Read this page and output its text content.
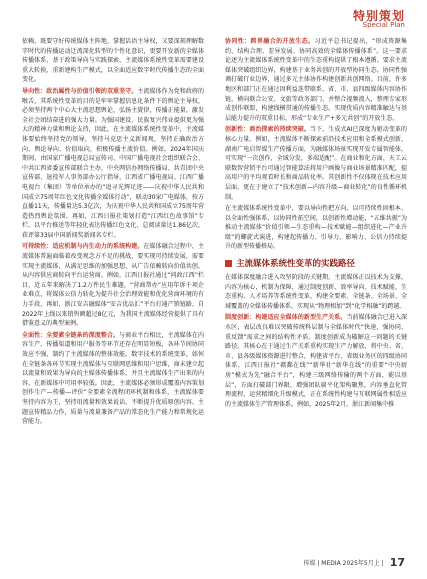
特别策划
Special Plan

依赖，既要守好传统媒体主阵地，掌握话语主导权，又要深刻理解数字时代的传播运动迁流深化转型的个性化意识，更要开发新的全媒体传播体系，基于政策导向与实践探索，主流媒体系统性变革需要建设重大转换，重新建构生产模式，以全面适应数字时代传播生态的全面变化。

导向性：政治属性与价值引领的双重坚守。主流媒体作为党和政府的喉舌，其系统性变革的目的是牢牢掌握信息化条件下的舆论主导权，必须坚持两个中心大主流思想舆论，弘扬主旋律，传播正能量，激发全社会团结奋进的强大力量。为强国建设、民族复兴伟业提供更为强大的精神力量和舆论支持，因此，在主流媒体系统性变革中，主流媒体要始终坚持党的领导，坚持马克思主义新闻观，坚持正确政治方向、舆论导向、价值取向，积极传播主流价值。例如，2024年国庆期间，由国家广播电视总局宣传司、中国广播电视社会组织联合会、中共江西省委宣传部联合主办，中央网信办网络传播局、共青团中央宣传部、退役军人事务部办公厅指导，江西省广播电视局、江西广播电视台（集团）等单位承办的“追寻光辉足迹——庆祝中华人民共和国成立75周年红色文化传播全媒体行动”，联动30家广电媒体，按方直播11天，传播量达5.3亿次，为庆祝中华人民共和国成立75周年营造热烈舆论氛围。再如，江西日报社策划打造“江西红色故事馆”专栏，以平台推送等年轻化表达传播红色文化，总阅读量达1.86亿次，获评第33届中国新闻奖新闻名专栏。

可持续性：适应机制与内生动力的系统构建。在媒体融合过程中，主流媒体普遍面临着改变观念方不足的挑战，要实现可持续发展，需要实现主流媒体，从满足思维的加强思想，从广告依赖转向价值共创，从内容供应商转向平台运营商。例如，江西日报社通过“问政江西”栏目，近五年来解决了1.2万件民生难题，“营商帮办”应用年诉千项企业难点，将媒体公信力转化为提升社会治理效能和优化营商环境的有力手段，再如，浙江安吉融媒体“安吉优品汇”平台打通产销链路，自2022年上线以来销售额超过8亿元，为我国主流媒体经营提供了具有借鉴意义的典型案例。

全面性：全要素全链条的深度整合。与商业平台相比，主流媒体在内容生产、传播渠道和用户服务等环节还存在明显短板，各环节间协同效应不强，制约了主流媒体的整体效能。数字技术的系统变革，如何在全链条各环节实现主流媒体与互联网思维和用户思维，商未建立起以流量和效果为导向的主媒体传播体系，并且主流媒体生产出来的内容，在新媒体中可用率较低。因此，主流媒体必须形成覆盖内容策划创作生产—传播—评价”全要素全流程闭环机制和体系，主流媒体要坚持内容为王，坚持用流量和效果说话，不断提升优质原创内容、主题宣传精品力作，质量与流量兼备产品的常态化生产能力和常规化运营能力。

协同性：跨界融合的开放生态。习近平总书记提出，“形成资源集约、结构合理、差异发展、协同高效的全媒体传播体系”。这一要求论述为主流媒体系统性变革中的生态重构提供了根本遵循。要求主流媒体突破组织边界，构建基于业务共创的开放型协同生态。协同性强调打破行业边界，通过多元主体协作构建创新共创网络。目前，许多地区和部门正在通过因利益连带联系、省、市、县四级媒体内容协作链，横向联合公安、文旅等政务部门，并整合视频流入，整理专家形成创作联盟，构建线横贯通的传播生态。实现优质内容精准触达与基层能力提升的双重目标，形成“专业生产+多元共创”的开放生态。

创新性：商治探索的持续突破。当下，生成式AI已深度为驱动变革的核心力量。例如，主流媒体不断探索前沿技术应用和全系模式创新，湖南广电启智媒生产传播方面，为融媒体场景实现开发专属智能体，可实现“一次创作，全域分发，多端适配”。在商业和化方面，天工云联数智营销平台可通过智能算法将用户画像与商业场景精准匹配，提高用户的平均观看时长和商品转化率。其创新性不仅体现在技术应用层面，更在于建立了“技术创新—内容升级—商业转化”的良性循环机制。

在主流媒体系统性变革中，要以导向性把方向、以可持续性固根本、以全面性强体系、以协同性拓空间，以创新性增动能，“五维共振”为推动主流媒体“价值引领—生态重构—技术赋能—组织进化—产业升级”的螺旋式演进，构建起传播力、引导力、影响力、公信力持续提升的新型传播格局。

主流媒体系统性变革的实践路径

在媒体深度融合进入攻坚阶段的关键期，主流媒体正以技术为支撑，内容为核心，机制为保障，通过制度创新、效率导向、技术赋能、生态重构、人才培养等系统性变革，构建全要素、全链条、全场景、全域覆盖的全媒体传播体系，实现从“物理相加”到“化学相融”的跨越。

制度创新：构建适应全媒体的新型生产关系。当前媒体融合已进入深水区，表层改良难以突破传统科层制与全媒体时代“快速、强协同、重反馈”需求之间的结构性矛盾。制度创新成为破解这一问题的关键路径。其核心在于通过生产关系重构实现生产力解放，将中央、省、市、县各级媒体资源进行整合，构建省平台、省级业务区的四级协同体系，江西日报社“赣鄱在线”“新华社“新华在线”的重要“中央厨房”模式为先“融合平台”，构建三级网络传输的两个方面，能以基层”，方面打破部门界限，增强团队扁平化架构聚焦，内容垂直化管理流程，运营精细化升级模式，正在系统性构建与互联网属性相适应的主流媒体生产管理体系。例如，2025年2月，浙江新闻集中推

传媒 | MEDIA 2025年5月上 | 17
